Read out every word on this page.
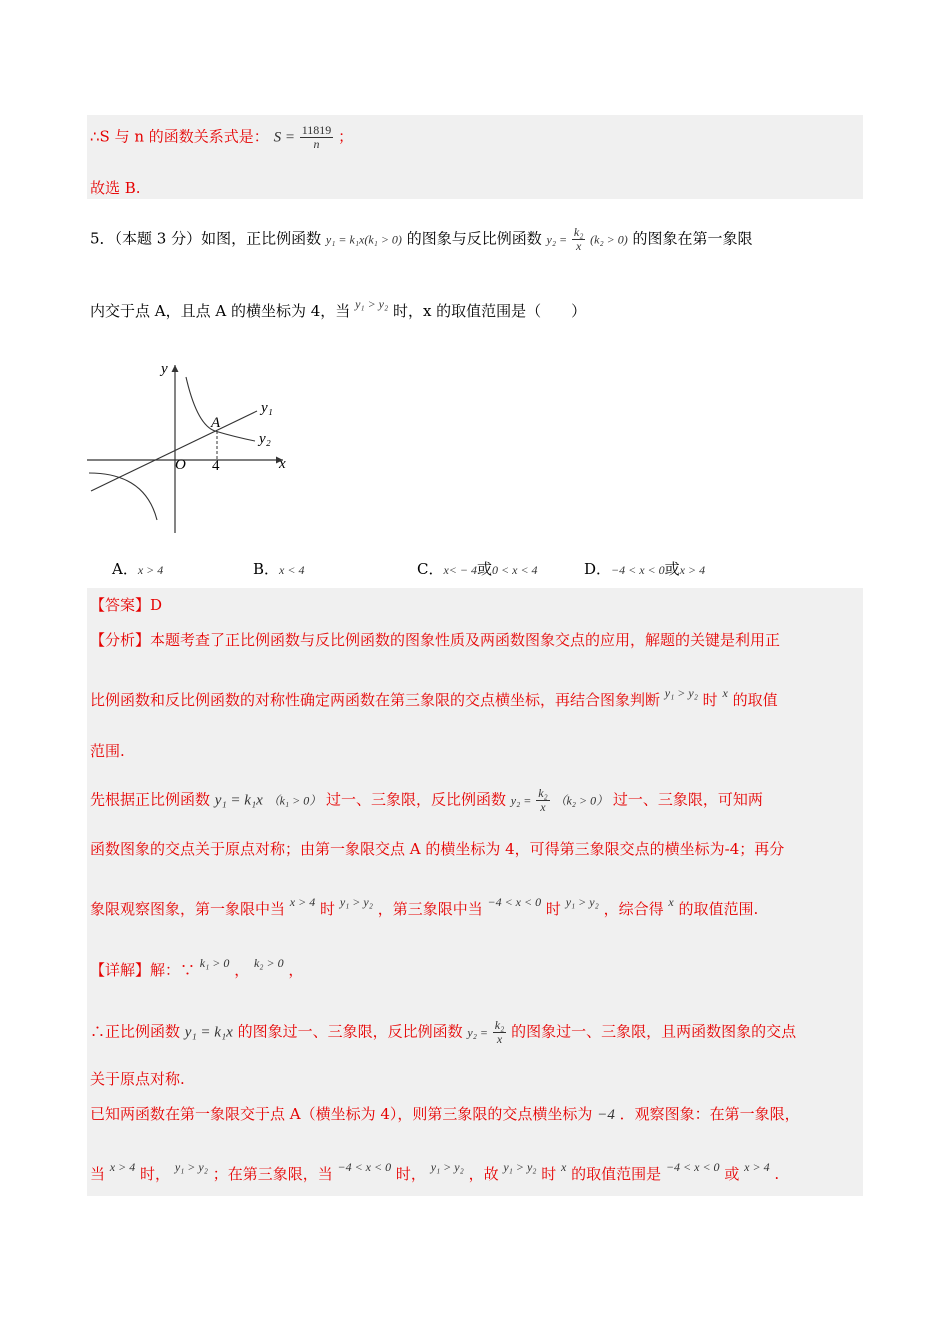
∴S 与 n 的函数关系式是： $S = \frac{11819}{n}$ ；
故选 B.
5．（本题 3 分）如图，正比例函数 y₁ = k₁x(k₁ > 0) 的图象与反比例函数 $y_2 = \frac{\text{k₂}}{x} (k_2 > 0)$ 的图象在第一象限
内交于点 A，且点 A 的横坐标为 4，当 $^{y_1 > y_2}$ 时，x 的取值范围是（　　）
y
x
O
A
4
y₁
y₂
A．x > 4	B．x < 4	C．x< − 4或0 < x < 4	D．−4 < x < 0或x > 4
【答案】D
【分析】本题考查了正比例函数与反比例函数的图象性质及两函数图象交点的应用，解题的关键是利用正
比例函数和反比例函数的对称性确定两函数在第三象限的交点横坐标，再结合图象判断 $^{y_1 > y_2}$ 时 $^x$ 的取值
范围.
先根据正比例函数 y₁ = k₁x （k₁ > 0） 过一、三象限，反比例函数 $y_2 = \frac{\text{k₂}}{x} (k_2 > 0)$ 过一、三象限，可知两
函数图象的交点关于原点对称；由第一象限交点 A 的横坐标为 4，可得第三象限交点的横坐标为-4；再分
象限观察图象，第一象限中当 $^{x > 4}$ 时 $^{y_1 > y_2}$ ，第三象限中当 $^{-4 < x < 0}$ 时 $^{y_1 > y_2}$ ，综合得 $^x$ 的取值范围.
【详解】解：∵ $^{k_1 > 0}$ ， $^{k_2 > 0}$ ，
∴正比例函数 y₁ = k₁x 的图象过一、三象限，反比例函数 $y_2 = \frac{\text{k₂}}{x}$ 的图象过一、三象限，且两函数图象的交点
关于原点对称.
已知两函数在第一象限交于点 A（横坐标为 4），则第三象限的交点横坐标为 −4 ．观察图象：在第一象限，
当 $^{x > 4}$ 时， $^{y_1 > y_2}$ ；在第三象限，当 $^{-4 < x < 0}$ 时， $^{y_1 > y_2}$ ，故 $^{y_1 > y_2}$ 时 $^x$ 的取值范围是 $^{-4 < x < 0}$ 或 $^{x > 4}$ .
